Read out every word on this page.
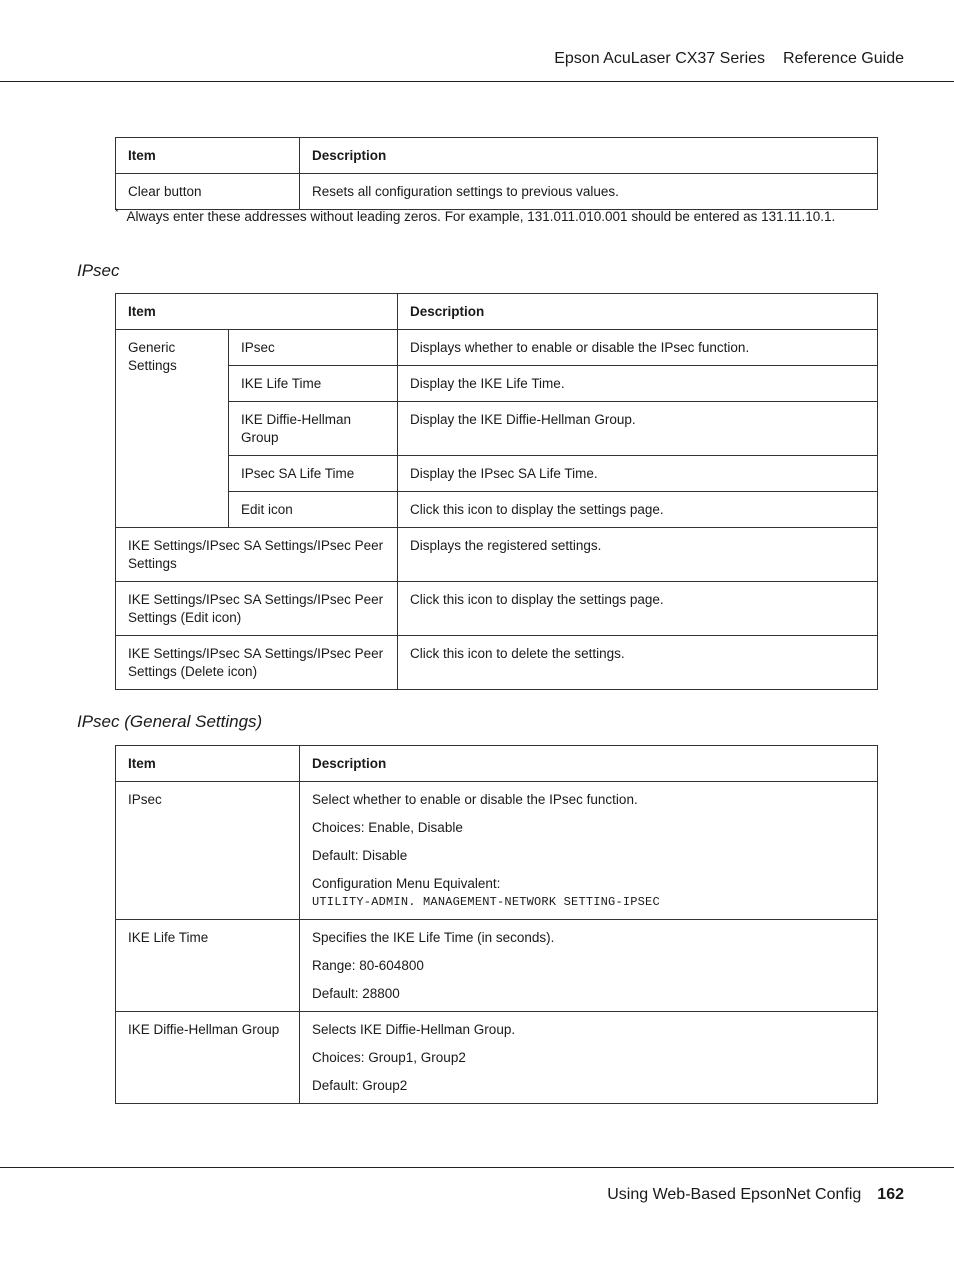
Epson AcuLaser CX37 Series Reference Guide
Item	Description
Clear button	Resets all configuration settings to previous values.
* Always enter these addresses without leading zeros. For example, 131.011.010.001 should be entered as 131.11.10.1.
IPsec
Item		Description
Generic Settings	IPsec	Displays whether to enable or disable the IPsec function.
	IKE Life Time	Display the IKE Life Time.
	IKE Diffie-Hellman Group	Display the IKE Diffie-Hellman Group.
	IPsec SA Life Time	Display the IPsec SA Life Time.
	Edit icon	Click this icon to display the settings page.
IKE Settings/IPsec SA Settings/IPsec Peer Settings		Displays the registered settings.
IKE Settings/IPsec SA Settings/IPsec Peer Settings (Edit icon)		Click this icon to display the settings page.
IKE Settings/IPsec SA Settings/IPsec Peer Settings (Delete icon)		Click this icon to delete the settings.
IPsec (General Settings)
Item	Description
IPsec	Select whether to enable or disable the IPsec function.
Choices: Enable, Disable
Default: Disable
Configuration Menu Equivalent:
UTILITY-ADMIN. MANAGEMENT-NETWORK SETTING-IPSEC

IKE Life Time	Specifies the IKE Life Time (in seconds).
Range: 80-604800
Default: 28800

IKE Diffie-Hellman Group	Selects IKE Diffie-Hellman Group.
Choices: Group1, Group2
Default: Group2
Using Web-Based EpsonNet Config 162
